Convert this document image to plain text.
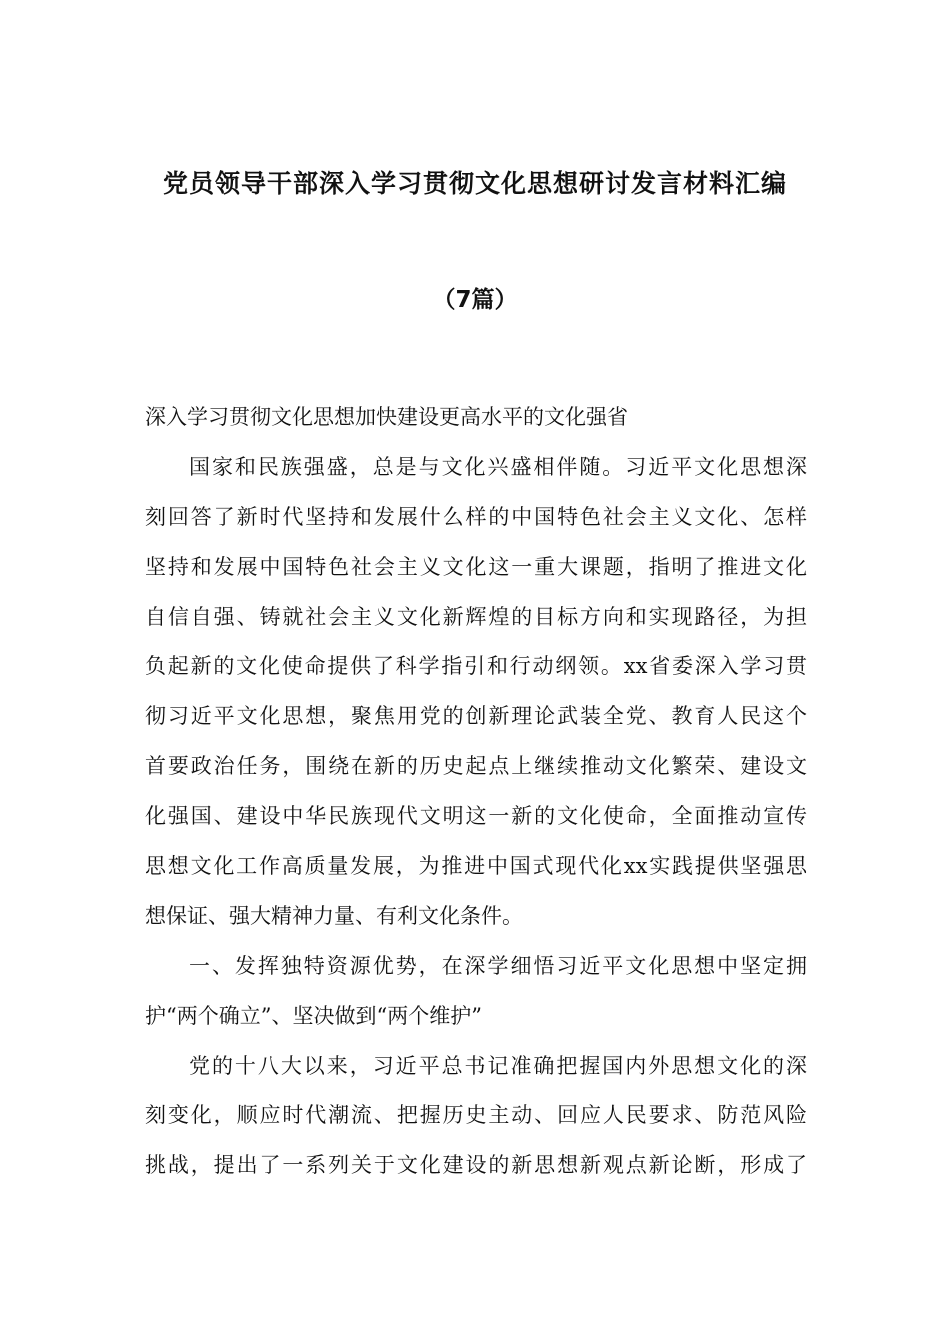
党员领导干部深入学习贯彻文化思想研讨发言材料汇编
（7篇）
深入学习贯彻文化思想加快建设更高水平的文化强省
国家和民族强盛，总是与文化兴盛相伴随。习近平文化思想深
刻回答了新时代坚持和发展什么样的中国特色社会主义文化、怎样
坚持和发展中国特色社会主义文化这一重大课题，指明了推进文化
自信自强、铸就社会主义文化新辉煌的目标方向和实现路径，为担
负起新的文化使命提供了科学指引和行动纲领。xx省委深入学习贯
彻习近平文化思想，聚焦用党的创新理论武装全党、教育人民这个
首要政治任务，围绕在新的历史起点上继续推动文化繁荣、建设文
化强国、建设中华民族现代文明这一新的文化使命，全面推动宣传
思想文化工作高质量发展，为推进中国式现代化xx实践提供坚强思
想保证、强大精神力量、有利文化条件。
一、发挥独特资源优势，在深学细悟习近平文化思想中坚定拥
护“两个确立”、坚决做到“两个维护”
党的十八大以来，习近平总书记准确把握国内外思想文化的深
刻变化，顺应时代潮流、把握历史主动、回应人民要求、防范风险
挑战，提出了一系列关于文化建设的新思想新观点新论断，形成了
